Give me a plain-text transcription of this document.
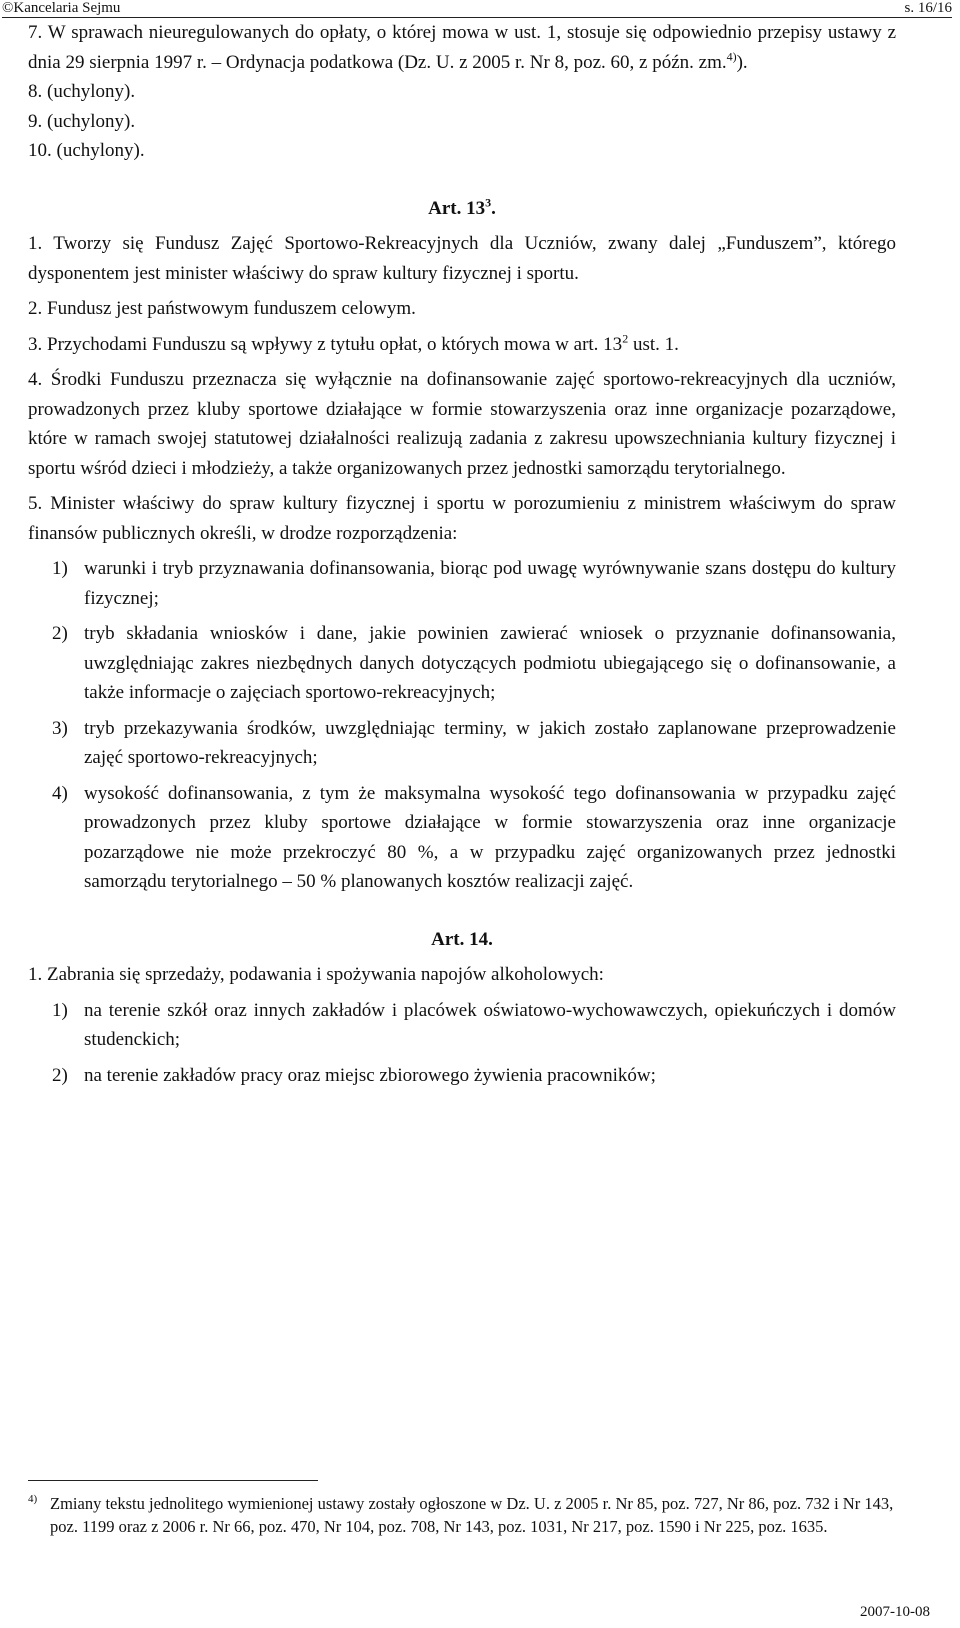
©Kancelaria Sejmu	s. 16/16
7. W sprawach nieuregulowanych do opłaty, o której mowa w ust. 1, stosuje się odpowiednio przepisy ustawy z dnia 29 sierpnia 1997 r. – Ordynacja podatkowa (Dz. U. z 2005 r. Nr 8, poz. 60, z późn. zm.$^{4)}$).
8. (uchylony).
9. (uchylony).
10. (uchylony).
Art. $13^3$.
1. Tworzy się Fundusz Zajęć Sportowo-Rekreacyjnych dla Uczniów, zwany dalej „Funduszem”, którego dysponentem jest minister właściwy do spraw kultury fizycznej i sportu.
2. Fundusz jest państwowym funduszem celowym.
3. Przychodami Funduszu są wpływy z tytułu opłat, o których mowa w art. $13^2$ ust. 1.
4. Środki Funduszu przeznacza się wyłącznie na dofinansowanie zajęć sportowo-rekreacyjnych dla uczniów, prowadzonych przez kluby sportowe działające w formie stowarzyszenia oraz inne organizacje pozarządowe, które w ramach swojej statutowej działalności realizują zadania z zakresu upowszechniania kultury fizycznej i sportu wśród dzieci i młodzieży, a także organizowanych przez jednostki samorządu terytorialnego.
5. Minister właściwy do spraw kultury fizycznej i sportu w porozumieniu z ministrem właściwym do spraw finansów publicznych określi, w drodze rozporządzenia:
1) warunki i tryb przyznawania dofinansowania, biorąc pod uwagę wyrównywanie szans dostępu do kultury fizycznej;
2) tryb składania wniosków i dane, jakie powinien zawierać wniosek o przyznanie dofinansowania, uwzględniając zakres niezbędnych danych dotyczących podmiotu ubiegającego się o dofinansowanie, a także informacje o zajęciach sportowo-rekreacyjnych;
3) tryb przekazywania środków, uwzględniając terminy, w jakich zostało zaplanowane przeprowadzenie zajęć sportowo-rekreacyjnych;
4) wysokość dofinansowania, z tym że maksymalna wysokość tego dofinansowania w przypadku zajęć prowadzonych przez kluby sportowe działające w formie stowarzyszenia oraz inne organizacje pozarządowe nie może przekroczyć 80 %, a w przypadku zajęć organizowanych przez jednostki samorządu terytorialnego – 50 % planowanych kosztów realizacji zajęć.
Art. 14.
1. Zabrania się sprzedaży, podawania i spożywania napojów alkoholowych:
1) na terenie szkół oraz innych zakładów i placówek oświatowo-wychowawczych, opiekuńczych i domów studenckich;
2) na terenie zakładów pracy oraz miejsc zbiorowego żywienia pracowników;
4) Zmiany tekstu jednolitego wymienionej ustawy zostały ogłoszone w Dz. U. z 2005 r. Nr 85, poz. 727, Nr 86, poz. 732 i Nr 143, poz. 1199 oraz z 2006 r. Nr 66, poz. 470, Nr 104, poz. 708, Nr 143, poz. 1031, Nr 217, poz. 1590 i Nr 225, poz. 1635.
2007-10-08
